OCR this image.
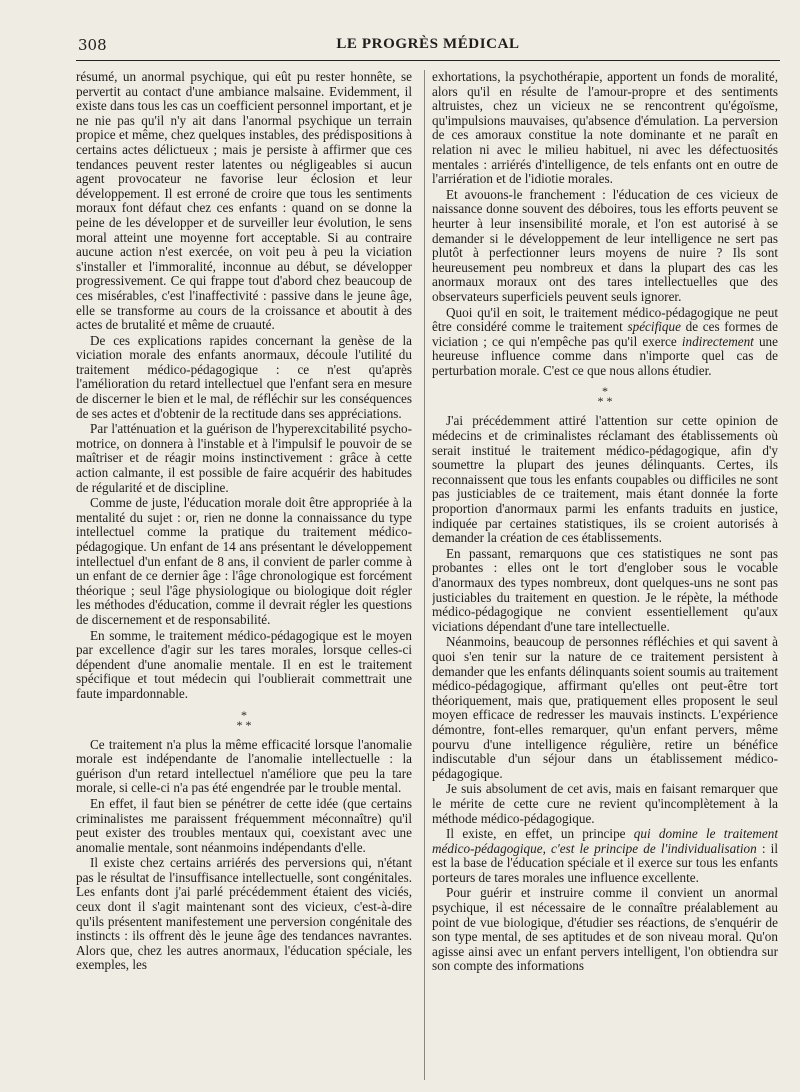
308	LE PROGRÈS MÉDICAL

résumé, un anormal psychique, qui eût pu rester honnête, se pervertit au contact d'une ambiance malsaine. Evidemment, il existe dans tous les cas un coefficient personnel important, et je ne nie pas qu'il n'y ait dans l'anormal psychique un terrain propice et même, chez quelques instables, des prédispositions à certains actes délictueux ; mais je persiste à affirmer que ces tendances peuvent rester latentes ou négligeables si aucun agent provocateur ne favorise leur éclosion et leur développement. Il est erroné de croire que tous les sentiments moraux font défaut chez ces enfants : quand on se donne la peine de les développer et de surveiller leur évolution, le sens moral atteint une moyenne fort acceptable. Si au contraire aucune action n'est exercée, on voit peu à peu la viciation s'installer et l'immoralité, inconnue au début, se développer progressivement. Ce qui frappe tout d'abord chez beaucoup de ces misérables, c'est l'inaffectivité : passive dans le jeune âge, elle se transforme au cours de la croissance et aboutit à des actes de brutalité et même de cruauté.

De ces explications rapides concernant la genèse de la viciation morale des enfants anormaux, découle l'utilité du traitement médico-pédagogique : ce n'est qu'après l'amélioration du retard intellectuel que l'enfant sera en mesure de discerner le bien et le mal, de réfléchir sur les conséquences de ses actes et d'obtenir de la rectitude dans ses appréciations.

Par l'atténuation et la guérison de l'hyperexcitabilité psycho-motrice, on donnera à l'instable et à l'impulsif le pouvoir de se maîtriser et de réagir moins instinctivement : grâce à cette action calmante, il est possible de faire acquérir des habitudes de régularité et de discipline.

Comme de juste, l'éducation morale doit être appropriée à la mentalité du sujet : or, rien ne donne la connaissance du type intellectuel comme la pratique du traitement médico-pédagogique. Un enfant de 14 ans présentant le développement intellectuel d'un enfant de 8 ans, il convient de parler comme à un enfant de ce dernier âge : l'âge chronologique est forcément théorique ; seul l'âge physiologique ou biologique doit régler les méthodes d'éducation, comme il devrait régler les questions de discernement et de responsabilité.

En somme, le traitement médico-pédagogique est le moyen par excellence d'agir sur les tares morales, lorsque celles-ci dépendent d'une anomalie mentale. Il en est le traitement spécifique et tout médecin qui l'oublierait commettrait une faute impardonnable.

*
* *

Ce traitement n'a plus la même efficacité lorsque l'anomalie morale est indépendante de l'anomalie intellectuelle : la guérison d'un retard intellectuel n'améliore que peu la tare morale, si celle-ci n'a pas été engendrée par le trouble mental.

En effet, il faut bien se pénétrer de cette idée (que certains criminalistes me paraissent fréquemment méconnaître) qu'il peut exister des troubles mentaux qui, coexistant avec une anomalie mentale, sont néanmoins indépendants d'elle.

Il existe chez certains arriérés des perversions qui, n'étant pas le résultat de l'insuffisance intellectuelle, sont congénitales. Les enfants dont j'ai parlé précédemment étaient des viciés, ceux dont il s'agit maintenant sont des vicieux, c'est-à-dire qu'ils présentent manifestement une perversion congénitale des instincts : ils offrent dès le jeune âge des tendances navrantes. Alors que, chez les autres anormaux, l'éducation spéciale, les exemples, les

exhortations, la psychothérapie, apportent un fonds de moralité, alors qu'il en résulte de l'amour-propre et des sentiments altruistes, chez un vicieux ne se rencontrent qu'égoïsme, qu'impulsions mauvaises, qu'absence d'émulation. La perversion de ces amoraux constitue la note dominante et ne paraît en relation ni avec le milieu habituel, ni avec les défectuosités mentales : arriérés d'intelligence, de tels enfants ont en outre de l'arriération et de l'idiotie morales.

Et avouons-le franchement : l'éducation de ces vicieux de naissance donne souvent des déboires, tous les efforts peuvent se heurter à leur insensibilité morale, et l'on est autorisé à se demander si le développement de leur intelligence ne sert pas plutôt à perfectionner leurs moyens de nuire ? Ils sont heureusement peu nombreux et dans la plupart des cas les anormaux moraux ont des tares intellectuelles que des observateurs superficiels peuvent seuls ignorer.

Quoi qu'il en soit, le traitement médico-pédagogique ne peut être considéré comme le traitement spécifique de ces formes de viciation ; ce qui n'empêche pas qu'il exerce indirectement une heureuse influence comme dans n'importe quel cas de perturbation morale. C'est ce que nous allons étudier.

*
* *

J'ai précédemment attiré l'attention sur cette opinion de médecins et de criminalistes réclamant des établissements où serait institué le traitement médico-pédagogique, afin d'y soumettre la plupart des jeunes délinquants. Certes, ils reconnaissent que tous les enfants coupables ou difficiles ne sont pas justiciables de ce traitement, mais étant donnée la forte proportion d'anormaux parmi les enfants traduits en justice, indiquée par certaines statistiques, ils se croient autorisés à demander la création de ces établissements.

En passant, remarquons que ces statistiques ne sont pas probantes : elles ont le tort d'englober sous le vocable d'anormaux des types nombreux, dont quelques-uns ne sont pas justiciables du traitement en question. Je le répète, la méthode médico-pédagogique ne convient essentiellement qu'aux viciations dépendant d'une tare intellectuelle.

Néanmoins, beaucoup de personnes réfléchies et qui savent à quoi s'en tenir sur la nature de ce traitement persistent à demander que les enfants délinquants soient soumis au traitement médico-pédagogique, affirmant qu'elles ont peut-être tort théoriquement, mais que, pratiquement elles proposent le seul moyen efficace de redresser les mauvais instincts. L'expérience démontre, font-elles remarquer, qu'un enfant pervers, même pourvu d'une intelligence régulière, retire un bénéfice indiscutable d'un séjour dans un établissement médico-pédagogique.

Je suis absolument de cet avis, mais en faisant remarquer que le mérite de cette cure ne revient qu'incomplètement à la méthode médico-pédagogique.

Il existe, en effet, un principe qui domine le traitement médico-pédagogique, c'est le principe de l'individualisation : il est la base de l'éducation spéciale et il exerce sur tous les enfants porteurs de tares morales une influence excellente.

Pour guérir et instruire comme il convient un anormal psychique, il est nécessaire de le connaître préalablement au point de vue biologique, d'étudier ses réactions, de s'enquérir de son type mental, de ses aptitudes et de son niveau moral. Qu'on agisse ainsi avec un enfant pervers intelligent, l'on obtiendra sur son compte des informations
